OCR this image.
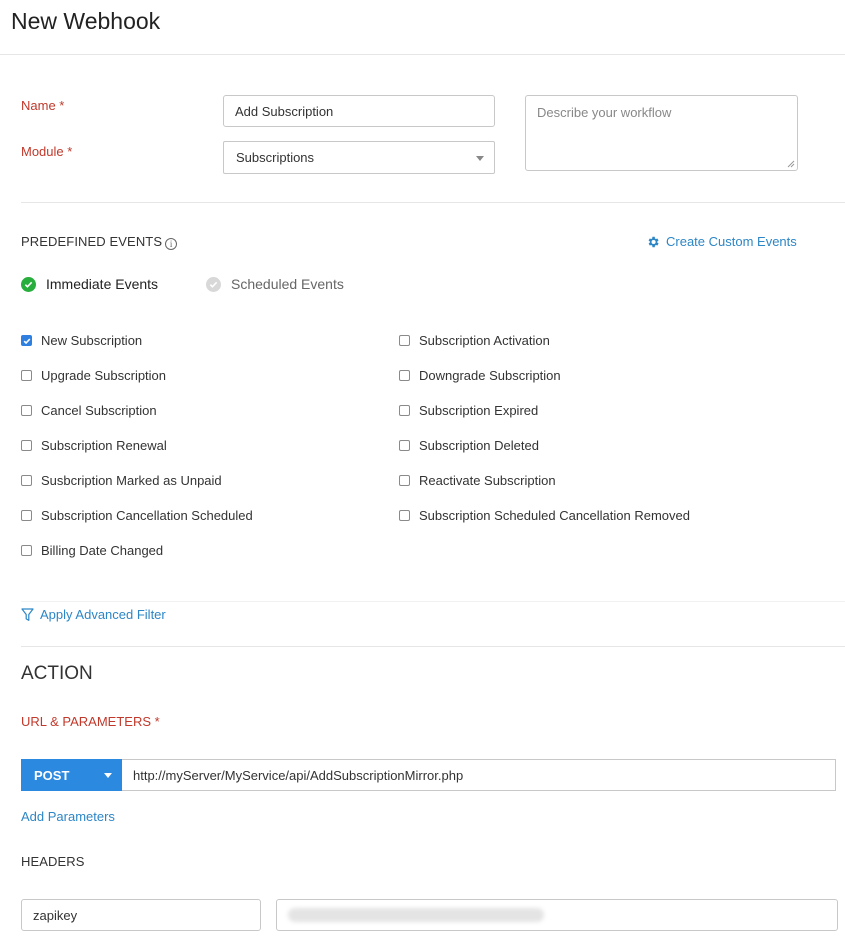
New Webhook
Name *
Add Subscription
Module *	Subscriptions
Describe your workflow
PREDEFINED EVENTS i	Create Custom Events
Immediate Events	Scheduled Events
New Subscription
Upgrade Subscription
Cancel Subscription
Subscription Renewal
Susbcription Marked as Unpaid
Subscription Cancellation Scheduled
Billing Date Changed
Subscription Activation
Downgrade Subscription
Subscription Expired
Subscription Deleted
Reactivate Subscription
Subscription Scheduled Cancellation Removed
Apply Advanced Filter
ACTION
URL & PARAMETERS *
POST	http://myServer/MyService/api/AddSubscriptionMirror.php
Add Parameters
HEADERS
zapikey
